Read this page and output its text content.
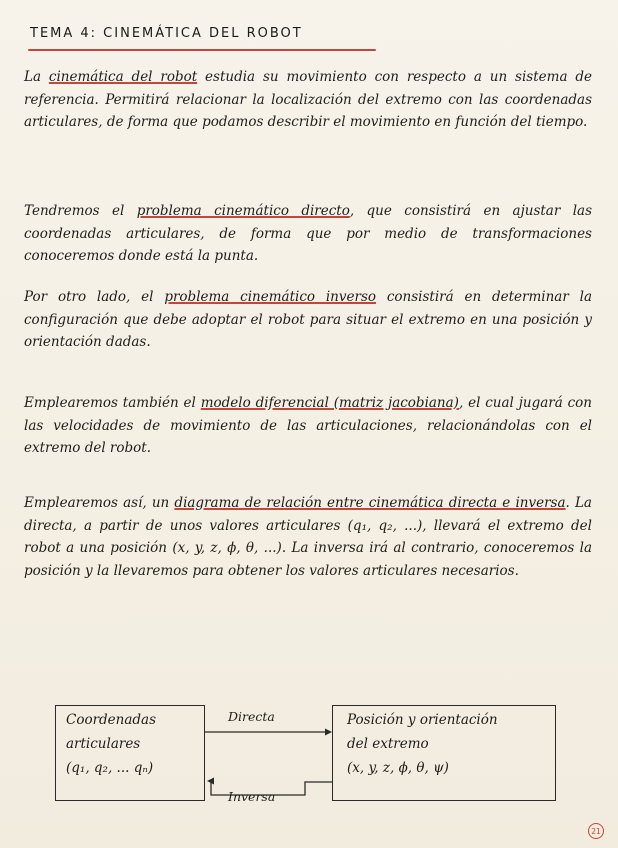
TEMA 4: CINEMÁTICA DEL ROBOT
La cinemática del robot estudia su movimiento con respecto a un sistema de referencia. Permitirá relacionar la localización del extremo con las coordenadas articulares, de forma que podamos describir el movimiento en función del tiempo.
Tendremos el problema cinemático directo, que consistirá en ajustar las coordenadas articulares, de forma que por medio de transformaciones conoceremos donde está la punta.
Por otro lado, el problema cinemático inverso consistirá en determinar la configuración que debe adoptar el robot para situar el extremo en una posición y orientación dadas.
Emplearemos también el modelo diferencial (matriz jacobiana), el cual jugará con las velocidades de movimiento de las articulaciones, relacionándolas con el extremo del robot.
Emplearemos así, un diagrama de relación entre cinemática directa e inversa. La directa, a partir de unos valores articulares (q₁, q₂, ...), llevará el extremo del robot a una posición (x, y, z, ϕ, θ, ...). La inversa irá al contrario, conoceremos la posición y la llevaremos para obtener los valores articulares necesarios.
Coordenadas
articulares
(q₁, q₂, ... qₙ)
Posición y orientación
del extremo
(x, y, z, ϕ, θ, ψ)
Directa
Inversa
21
